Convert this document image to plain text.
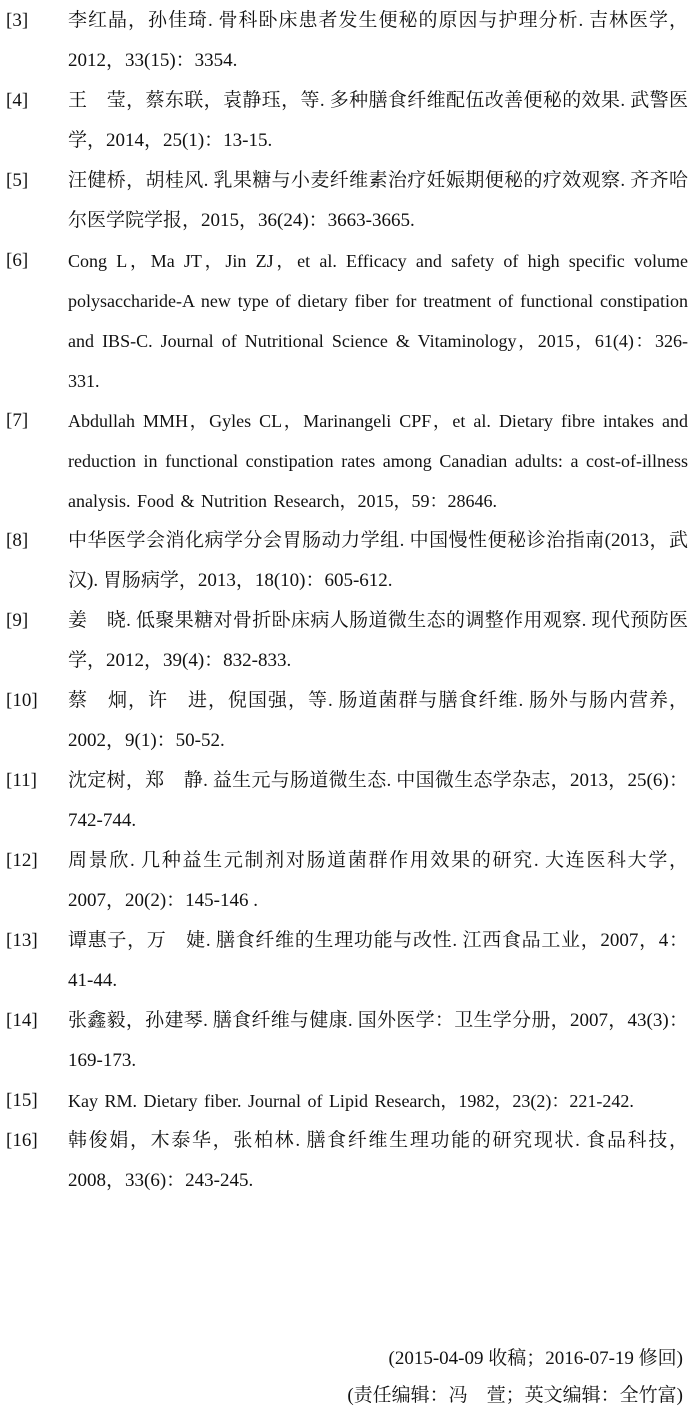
[3]	李红晶，孙佳琦. 骨科卧床患者发生便秘的原因与护理分析. 吉林医学，2012，33(15)：3354.
[4]	王　莹，蔡东联，袁静珏，等. 多种膳食纤维配伍改善便秘的效果. 武警医学，2014，25(1)：13-15.
[5]	汪健桥，胡桂风. 乳果糖与小麦纤维素治疗妊娠期便秘的疗效观察. 齐齐哈尔医学院学报，2015，36(24)：3663-3665.
[6]	Cong L，Ma JT，Jin ZJ，et al. Efficacy and safety of high specific volume polysaccharide-A new type of dietary fiber for treatment of functional constipation and IBS-C. Journal of Nutritional Science & Vitaminology，2015，61(4)：326-331.
[7]	Abdullah MMH，Gyles CL，Marinangeli CPF，et al. Dietary fibre intakes and reduction in functional constipation rates among Canadian adults: a cost-of-illness analysis. Food & Nutrition Research，2015，59：28646.
[8]	中华医学会消化病学分会胃肠动力学组. 中国慢性便秘诊治指南(2013，武汉). 胃肠病学，2013，18(10)：605-612.
[9]	姜　晓. 低聚果糖对骨折卧床病人肠道微生态的调整作用观察. 现代预防医学，2012，39(4)：832-833.
[10]	蔡　炯，许　进，倪国强，等. 肠道菌群与膳食纤维. 肠外与肠内营养，2002，9(1)：50-52.
[11]	沈定树，郑　静. 益生元与肠道微生态. 中国微生态学杂志，2013，25(6)：742-744.
[12]	周景欣. 几种益生元制剂对肠道菌群作用效果的研究. 大连医科大学，2007，20(2)：145-146 .
[13]	谭惠子，万　婕. 膳食纤维的生理功能与改性. 江西食品工业，2007，4：41-44.
[14]	张鑫毅，孙建琴. 膳食纤维与健康. 国外医学：卫生学分册，2007，43(3)：169-173.
[15]	Kay RM. Dietary fiber. Journal of Lipid Research，1982，23(2)：221-242.
[16]	韩俊娟，木泰华，张柏林. 膳食纤维生理功能的研究现状. 食品科技，2008，33(6)：243-245.
(2015-04-09 收稿；2016-07-19 修回)
(责任编辑：冯　萱；英文编辑：全竹富)
